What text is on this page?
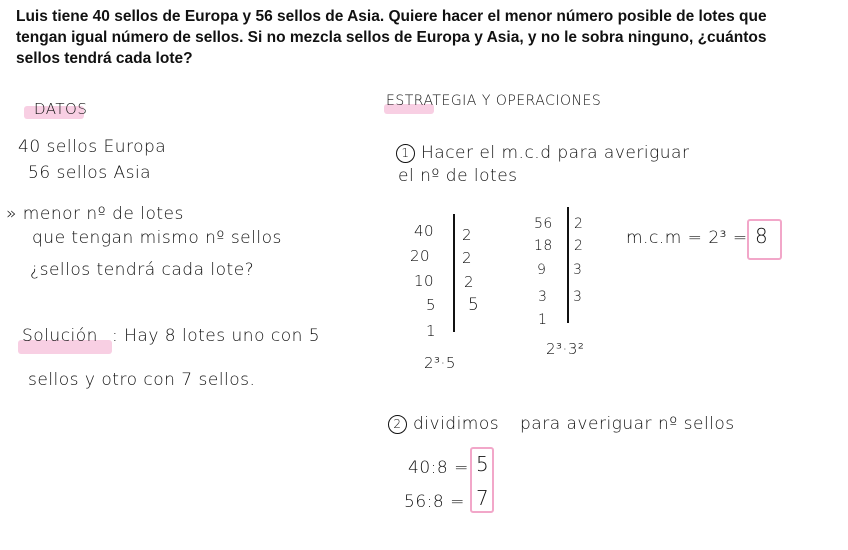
Luis tiene 40 sellos de Europa y 56 sellos de Asia. Quiere hacer el menor número posible de lotes que
tengan igual número de sellos. Si no mezcla sellos de Europa y Asia, y no le sobra ninguno, ¿cuántos
sellos tendrá cada lote?
DATOS
40 sellos Europa
56 sellos Asia
» menor nº de lotes
que tengan mismo nº sellos
¿sellos tendrá cada lote?
Solución : Hay 8 lotes uno con 5
sellos y otro con 7 sellos.
ESTRATEGIA Y OPERACIONES
1 Hacer el m.c.d para averiguar
el nº de lotes
40
20
10
5
1
2
2
2
5
2³·5
56
18
9
3
1
2
2
3
3
2³·3²
m.c.m = 2³ = 8
2 dividimos para averiguar nº sellos
40:8 = 5
56:8 = 7
